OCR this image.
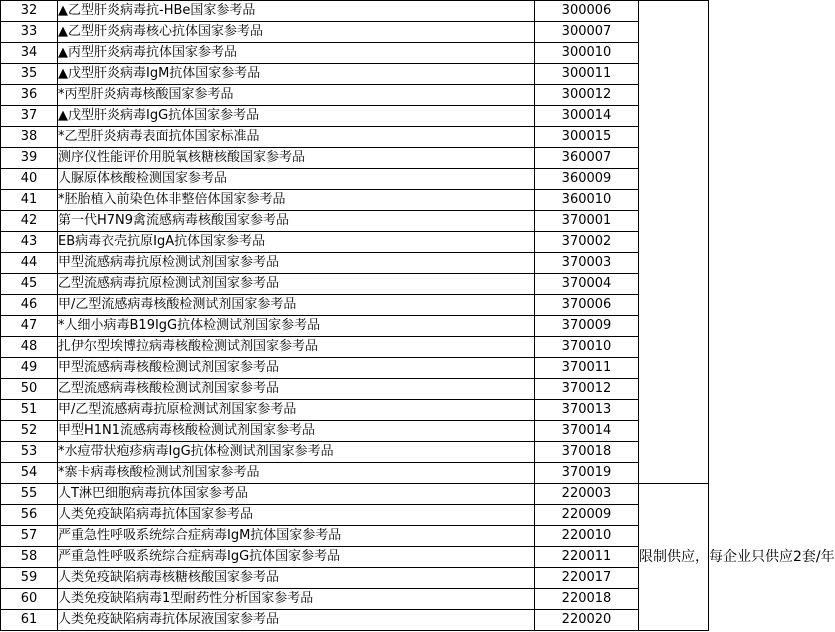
32	▲乙型肝炎病毒抗-HBe国家参考品	300006	
33	▲乙型肝炎病毒核心抗体国家参考品	300007	
34	▲丙型肝炎病毒抗体国家参考品	300010	
35	▲戊型肝炎病毒IgM抗体国家参考品	300011	
36	*丙型肝炎病毒核酸国家参考品	300012	
37	▲戊型肝炎病毒IgG抗体国家参考品	300014	
38	*乙型肝炎病毒表面抗体国家标准品	300015	
39	测序仪性能评价用脱氧核糖核酸国家参考品	360007	
40	人脲原体核酸检测国家参考品	360009	
41	*胚胎植入前染色体非整倍体国家参考品	360010	
42	第一代H7N9禽流感病毒核酸国家参考品	370001	
43	EB病毒衣壳抗原IgA抗体国家参考品	370002	
44	甲型流感病毒抗原检测试剂国家参考品	370003	
45	乙型流感病毒抗原检测试剂国家参考品	370004	
46	甲/乙型流感病毒核酸检测试剂国家参考品	370006	
47	*人细小病毒B19IgG抗体检测试剂国家参考品	370009	
48	扎伊尔型埃博拉病毒核酸检测试剂国家参考品	370010	
49	甲型流感病毒核酸检测试剂国家参考品	370011	
50	乙型流感病毒核酸检测试剂国家参考品	370012	
51	甲/乙型流感病毒抗原检测试剂国家参考品	370013	
52	甲型H1N1流感病毒核酸检测试剂国家参考品	370014	
53	*水痘带状疱疹病毒IgG抗体检测试剂国家参考品	370018	
54	*寨卡病毒核酸检测试剂国家参考品	370019	
55	人T淋巴细胞病毒抗体国家参考品	220003	限制供应，每企业只供应2套/年
56	人类免疫缺陷病毒抗体国家参考品	220009	
57	严重急性呼吸系统综合症病毒IgM抗体国家参考品	220010	
58	严重急性呼吸系统综合症病毒IgG抗体国家参考品	220011	
59	人类免疫缺陷病毒核糖核酸国家参考品	220017	
60	人类免疫缺陷病毒1型耐药性分析国家参考品	220018	
61	人类免疫缺陷病毒抗体尿液国家参考品	220020	
